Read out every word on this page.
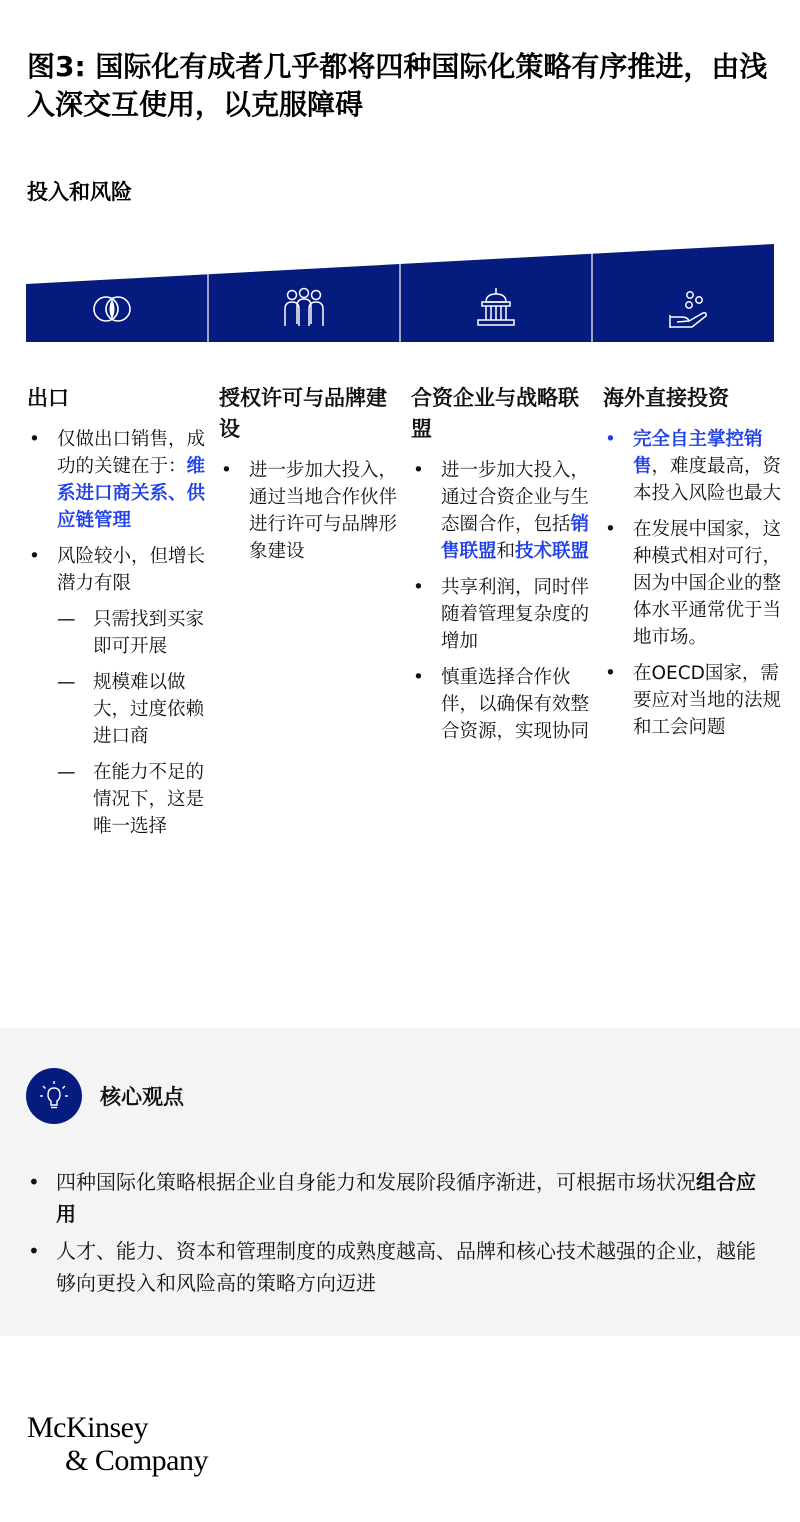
图3: 国际化有成者几乎都将四种国际化策略有序推进，由浅入深交互使用，以克服障碍
投入和风险
出口
• 仅做出口销售，成功的关键在于：维系进口商关系、供应链管理
• 风险较小，但增长潜力有限
— 只需找到买家即可开展
— 规模难以做大，过度依赖进口商
— 在能力不足的情况下，这是唯一选择
授权许可与品牌建设
• 进一步加大投入，通过当地合作伙伴进行许可与品牌形象建设
合资企业与战略联盟
• 进一步加大投入，通过合资企业与生态圈合作，包括销售联盟和技术联盟
• 共享利润，同时伴随着管理复杂度的增加
• 慎重选择合作伙伴，以确保有效整合资源，实现协同
海外直接投资
• 完全自主掌控销售，难度最高，资本投入风险也最大
• 在发展中国家，这种模式相对可行，因为中国企业的整体水平通常优于当地市场。
• 在OECD国家，需要应对当地的法规和工会问题
核心观点
• 四种国际化策略根据企业自身能力和发展阶段循序渐进，可根据市场状况组合应用
• 人才、能力、资本和管理制度的成熟度越高、品牌和核心技术越强的企业，越能够向更投入和风险高的策略方向迈进
McKinsey
& Company
